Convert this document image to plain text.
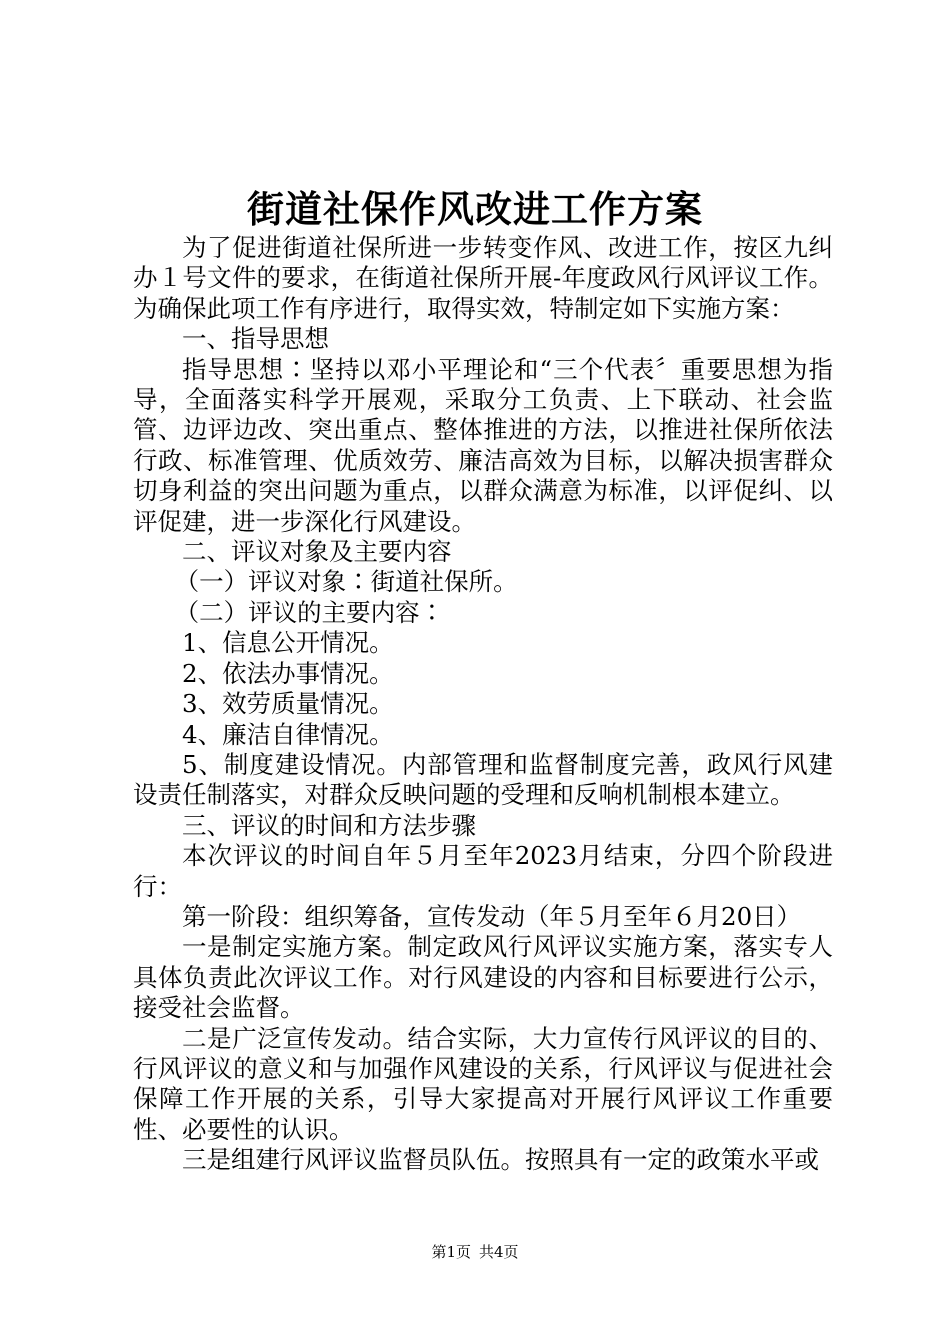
街道社保作风改进工作方案

为了促进街道社保所进一步转变作风、改进工作，按区九纠办１号文件的要求，在街道社保所开展-年度政风行风评议工作。为确保此项工作有序进行，取得实效，特制定如下实施方案：

一、指导思想

指导思想∶坚持以邓小平理论和“三个代表〞重要思想为指导，全面落实科学开展观，采取分工负责、上下联动、社会监管、边评边改、突出重点、整体推进的方法，以推进社保所依法行政、标准管理、优质效劳、廉洁高效为目标，以解决损害群众切身利益的突出问题为重点，以群众满意为标准，以评促纠、以评促建，进一步深化行风建设。

二、评议对象及主要内容

（一）评议对象∶街道社保所。

（二）评议的主要内容∶

1、信息公开情况。

2、依法办事情况。

3、效劳质量情况。

4、廉洁自律情况。

5、制度建设情况。内部管理和监督制度完善，政风行风建设责任制落实，对群众反映问题的受理和反响机制根本建立。

三、评议的时间和方法步骤

本次评议的时间自年５月至年2023月结束，分四个阶段进行：

第一阶段：组织筹备，宣传发动（年５月至年６月20日）

一是制定实施方案。制定政风行风评议实施方案，落实专人具体负责此次评议工作。对行风建设的内容和目标要进行公示，接受社会监督。

二是广泛宣传发动。结合实际，大力宣传行风评议的目的、行风评议的意义和与加强作风建设的关系，行风评议与促进社会保障工作开展的关系，引导大家提高对开展行风评议工作重要性、必要性的认识。

三是组建行风评议监督员队伍。按照具有一定的政策水平或

第1页 共4页
